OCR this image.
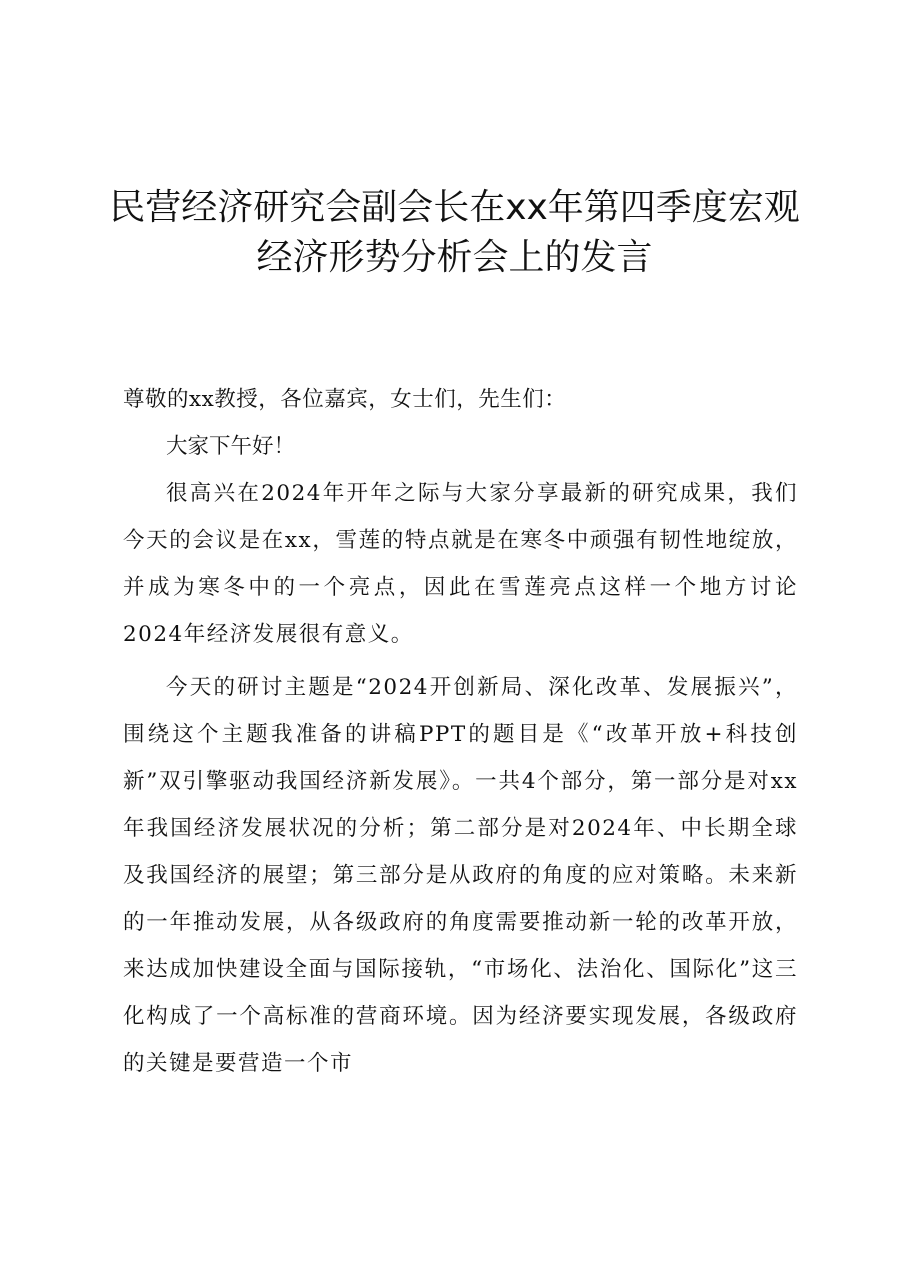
民营经济研究会副会长在xx年第四季度宏观
经济形势分析会上的发言

尊敬的xx教授，各位嘉宾，女士们，先生们：

大家下午好！

很高兴在2024年开年之际与大家分享最新的研究成果，我们今天的会议是在xx，雪莲的特点就是在寒冬中顽强有韧性地绽放，并成为寒冬中的一个亮点，因此在雪莲亮点这样一个地方讨论2024年经济发展很有意义。

今天的研讨主题是“2024开创新局、深化改革、发展振兴”，围绕这个主题我准备的讲稿PPT的题目是《“改革开放+科技创新”双引擎驱动我国经济新发展》。一共4个部分，第一部分是对xx年我国经济发展状况的分析；第二部分是对2024年、中长期全球及我国经济的展望；第三部分是从政府的角度的应对策略。未来新的一年推动发展，从各级政府的角度需要推动新一轮的改革开放，来达成加快建设全面与国际接轨，“市场化、法治化、国际化”这三化构成了一个高标准的营商环境。因为经济要实现发展，各级政府的关键是要营造一个市
